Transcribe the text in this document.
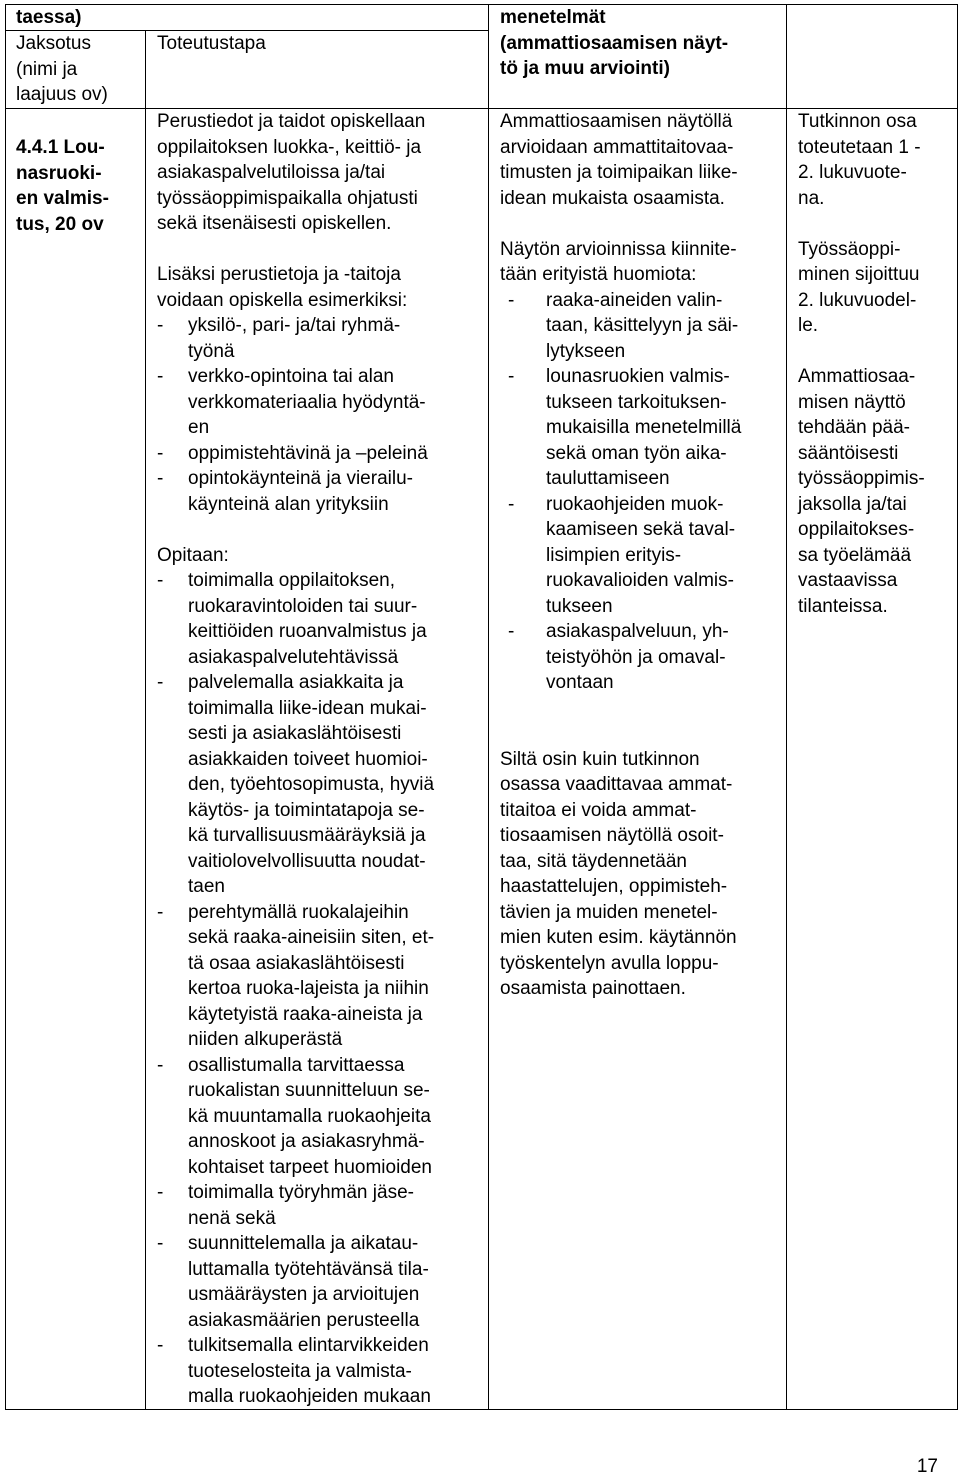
taessa)
Jaksotus
(nimi ja
laajuus ov)
Toteutustapa
menetelmät
(ammattiosaamisen näyt-
tö ja muu arviointi)
4.4.1 Lou-
nasruoki-
en valmis-
tus, 20 ov
Perustiedot ja taidot opiskellaan
oppilaitoksen luokka-, keittiö- ja
asiakaspalvelutiloissa ja/tai
työssäoppimispaikalla ohjatusti
sekä itsenäisesti opiskellen.
Lisäksi perustietoja ja -taitoja
voidaan opiskella esimerkiksi:
- yksilö-, pari- ja/tai ryhmä-
työnä
- verkko-opintoina tai alan
verkkomateriaalia hyödyntä-
en
- oppimistehtävinä ja –peleinä
- opintokäynteinä ja vierailu-
käynteinä alan yrityksiin
Opitaan:
- toimimalla oppilaitoksen,
ruokaravintoloiden tai suur-
keittiöiden ruoanvalmistus ja
asiakaspalvelutehtävissä
- palvelemalla asiakkaita ja
toimimalla liike-idean mukai-
sesti ja asiakaslähtöisesti
asiakkaiden toiveet huomioi-
den, työehtosopimusta, hyviä
käytös- ja toimintatapoja se-
kä turvallisuusmääräyksiä ja
vaitiolovelvollisuutta noudat-
taen
- perehtymällä ruokalajeihin
sekä raaka-aineisiin siten, et-
tä osaa asiakaslähtöisesti
kertoa ruoka-lajeista ja niihin
käytetyistä raaka-aineista ja
niiden alkuperästä
- osallistumalla tarvittaessa
ruokalistan suunnitteluun se-
kä muuntamalla ruokaohjeita
annoskoot ja asiakasryhmä-
kohtaiset tarpeet huomioiden
- toimimalla työryhmän jäse-
nenä sekä
- suunnittelemalla ja aikatau-
luttamalla työtehtävänsä tila-
usmääräysten ja arvioitujen
asiakasmäärien perusteella
- tulkitsemalla elintarvikkeiden
tuoteselosteita ja valmista-
malla ruokaohjeiden mukaan
Ammattiosaamisen näytöllä
arvioidaan ammattitaitovaa-
timusten ja toimipaikan liike-
idean mukaista osaamista.
Näytön arvioinnissa kiinnite-
tään erityistä huomiota:
- raaka-aineiden valin-
taan, käsittelyyn ja säi-
lytykseen
- lounasruokien valmis-
tukseen tarkoituksen-
mukaisilla menetelmillä
sekä oman työn aika-
tauluttamiseen
- ruokaohjeiden muok-
kaamiseen sekä taval-
lisimpien erityis-
ruokavalioiden valmis-
tukseen
- asiakaspalveluun, yh-
teistyöhön ja omaval-
vontaan
Siltä osin kuin tutkinnon
osassa vaadittavaa ammat-
titaitoa ei voida ammat-
tiosaamisen näytöllä osoit-
taa, sitä täydennetään
haastattelujen, oppimisteh-
tävien ja muiden menetel-
mien kuten esim. käytännön
työskentelyn avulla loppu-
osaamista painottaen.
Tutkinnon osa
toteutetaan 1 -
2. lukuvuote-
na.
Työssäoppi-
minen sijoittuu
2. lukuvuodel-
le.
Ammattiosaa-
misen näyttö
tehdään pää-
sääntöisesti
työssäoppimis-
jaksolla ja/tai
oppilaitokses-
sa työelämää
vastaavissa
tilanteissa.
17
